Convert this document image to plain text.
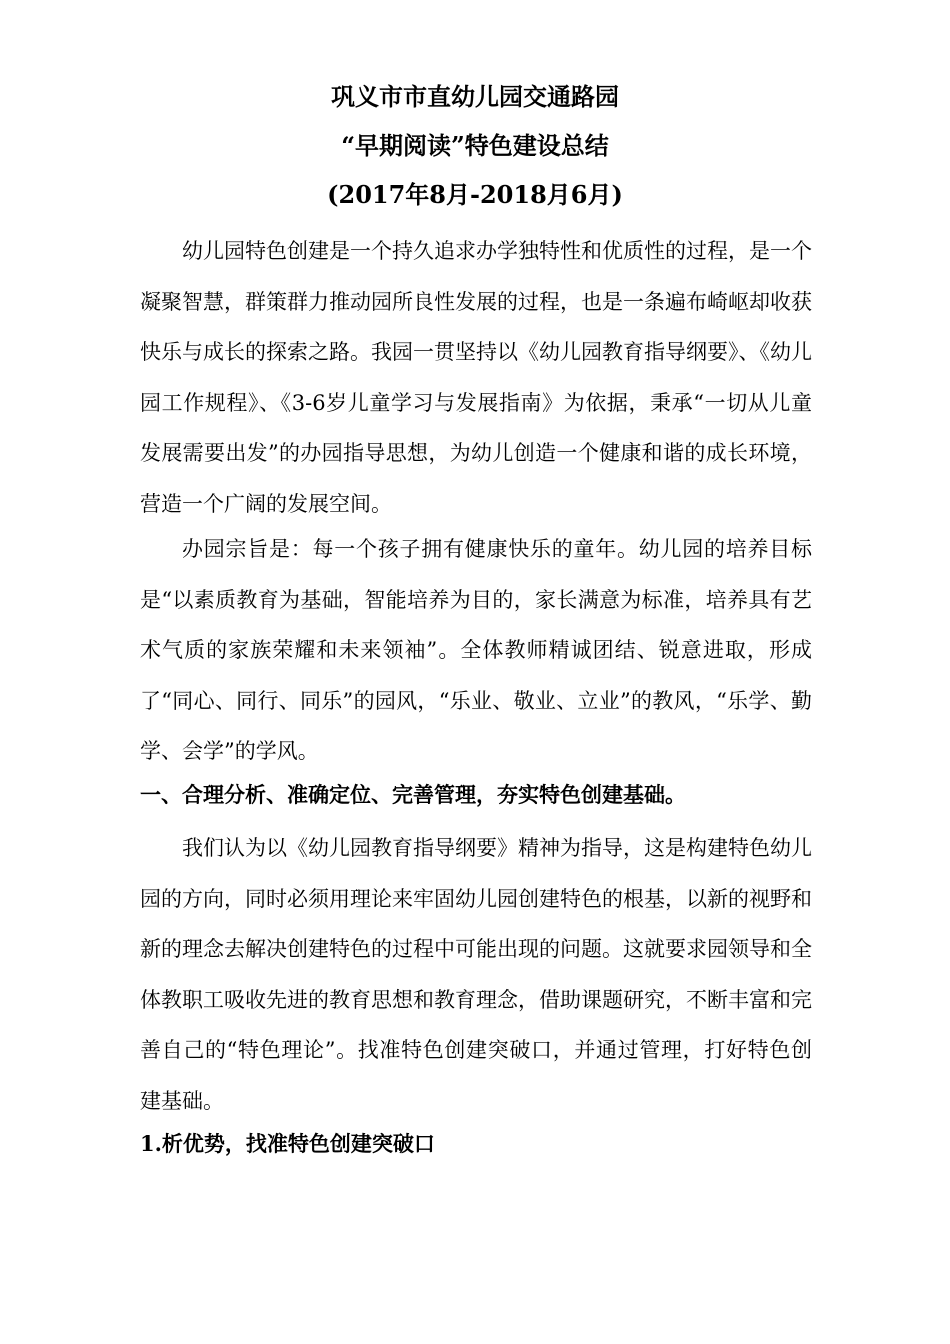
巩义市市直幼儿园交通路园
“早期阅读”特色建设总结
(2017年8月-2018月6月)

幼儿园特色创建是一个持久追求办学独特性和优质性的过程，是一个凝聚智慧，群策群力推动园所良性发展的过程，也是一条遍布崎岖却收获快乐与成长的探索之路。我园一贯坚持以《幼儿园教育指导纲要》、《幼儿园工作规程》、《3-6岁儿童学习与发展指南》为依据，秉承“一切从儿童发展需要出发”的办园指导思想，为幼儿创造一个健康和谐的成长环境， 营造一个广阔的发展空间。

办园宗旨是：每一个孩子拥有健康快乐的童年。幼儿园的培养目标是“以素质教育为基础，智能培养为目的，家长满意为标准，培养具有艺术气质的家族荣耀和未来领袖”。全体教师精诚团结、锐意进取，形成了“同心、同行、同乐”的园风，“乐业、敬业、立业”的教风，“乐学、勤学、会学”的学风。

一、合理分析、准确定位、完善管理，夯实特色创建基础。

我们认为以《幼儿园教育指导纲要》精神为指导，这是构建特色幼儿园的方向，同时必须用理论来牢固幼儿园创建特色的根基，以新的视野和新的理念去解决创建特色的过程中可能出现的问题。这就要求园领导和全体教职工吸收先进的教育思想和教育理念，借助课题研究，不断丰富和完善自己的“特色理论”。找准特色创建突破口，并通过管理，打好特色创建基础。

1.析优势，找准特色创建突破口
